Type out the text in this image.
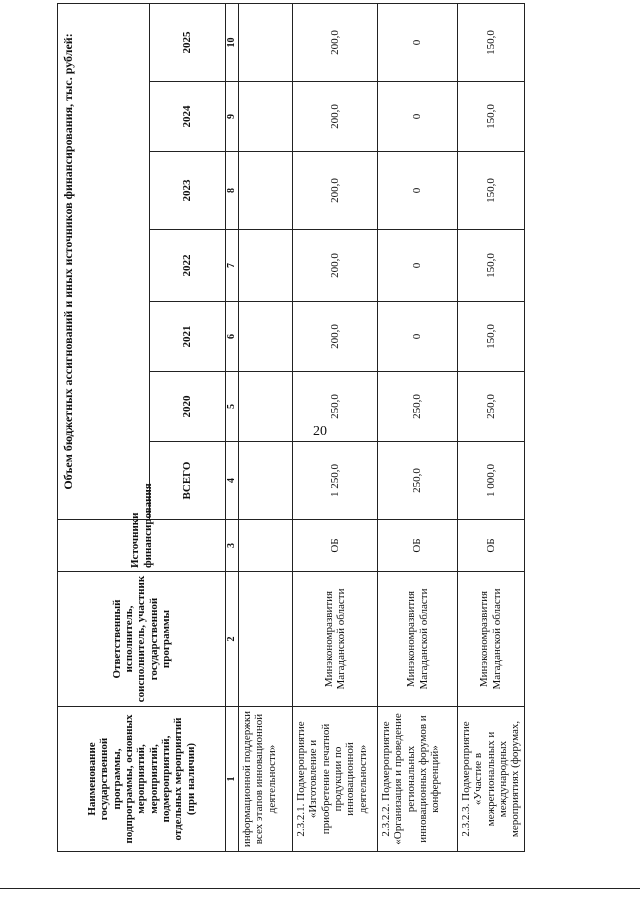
20
Наименование государственной программы, подпрограммы, основных мероприятий, мероприятий, подмероприятий, отдельных мероприятий (при наличии)	Ответственный исполнитель, соисполнитель, участник государственной программы	Источники финансирования	Объем бюджетных ассигнований и иных источников финансирования, тыс. рублей:						
			ВСЕГО	2020	2021	2022	2023	2024	2025
1	2	3	4	5	6	7	8	9	10
информационной поддержки всех этапов инновационной деятельности»									
2.3.2.1. Подмероприятие «Изготовление и приобретение печатной продукции по инновационной деятельности»	Минэкономразвития Магаданской области	ОБ	1 250,0	250,0	200,0	200,0	200,0	200,0	200,0
2.3.2.2. Подмероприятие «Организация и проведение региональных инновационных форумов и конференций»	Минэкономразвития Магаданской области	ОБ	250,0	250,0	0	0	0	0	0
2.3.2.3. Подмероприятие «Участие в межрегиональных и международных мероприятиях (форумах,	Минэкономразвития Магаданской области	ОБ	1 000,0	250,0	150,0	150,0	150,0	150,0	150,0
